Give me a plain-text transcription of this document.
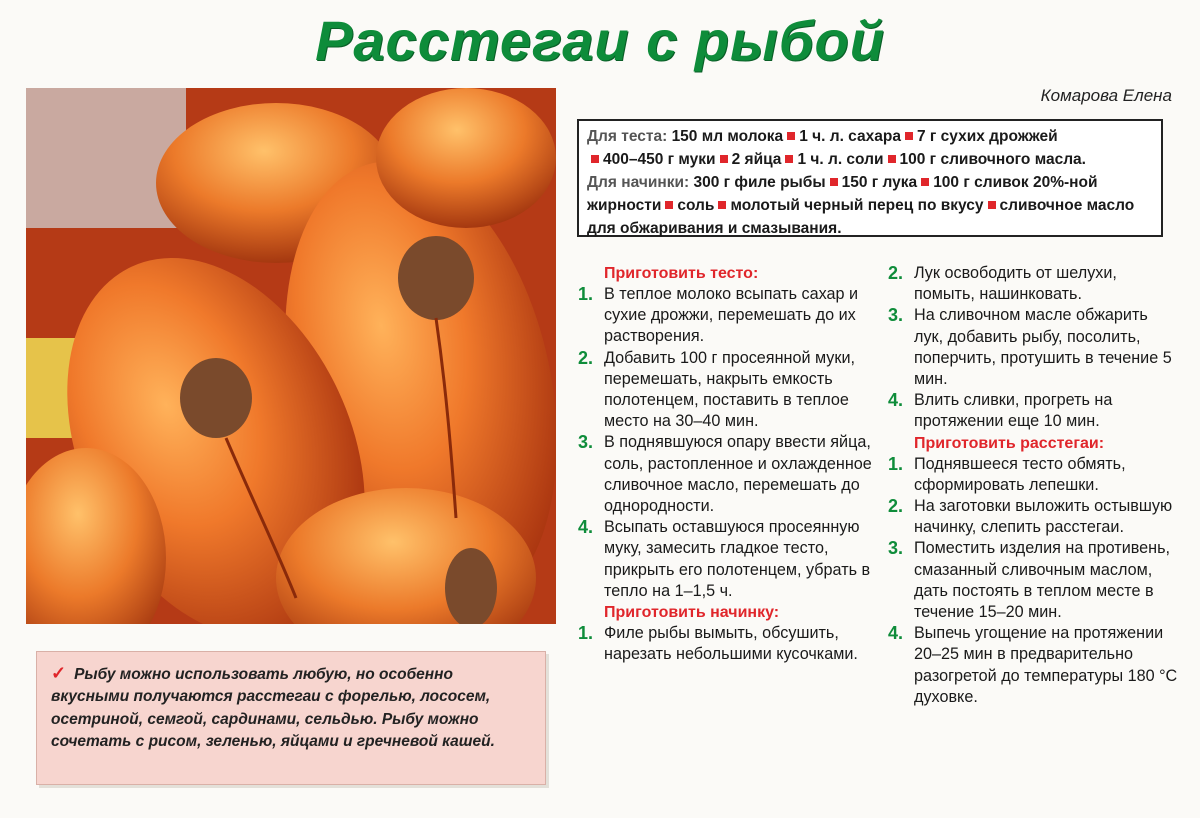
Расстегаи с рыбой
Комарова Елена
Для теста: 150 мл молока 1 ч. л. сахара 7 г сухих дрожжей
400–450 г муки 2 яйца 1 ч. л. соли 100 г сливочного масла.
Для начинки: 300 г филе рыбы 150 г лука 100 г сливок 20%-ной жирности соль молотый черный перец по вкусу сливочное масло для обжаривания и смазывания.
Приготовить тесто:
1. В теплое молоко всыпать сахар и сухие дрожжи, перемешать до их растворения.
2. Добавить 100 г просеянной муки, перемешать, накрыть емкость полотенцем, поставить в теплое место на 30–40 мин.
3. В поднявшуюся опару ввести яйца, соль, растопленное и охлажденное сливочное масло, перемешать до однородности.
4. Всыпать оставшуюся просеянную муку, замесить гладкое тесто, прикрыть его полотенцем, убрать в тепло на 1–1,5 ч.
Приготовить начинку:
1. Филе рыбы вымыть, обсушить, нарезать небольшими кусочками.
2. Лук освободить от шелухи, помыть, нашинковать.
3. На сливочном масле обжарить лук, добавить рыбу, посолить, поперчить, протушить в течение 5 мин.
4. Влить сливки, прогреть на протяжении еще 10 мин.
Приготовить расстегаи:
1. Поднявшееся тесто обмять, сформировать лепешки.
2. На заготовки выложить остывшую начинку, слепить расстегаи.
3. Поместить изделия на противень, смазанный сливочным маслом, дать постоять в теплом месте в течение 15–20 мин.
4. Выпечь угощение на протяжении 20–25 мин в предварительно разогретой до температуры 180 °С духовке.
✓ Рыбу можно использовать любую, но особенно вкусными получаются расстегаи с форелью, лососем, осетриной, семгой, сардинами, сельдью. Рыбу можно сочетать с рисом, зеленью, яйцами и гречневой кашей.
